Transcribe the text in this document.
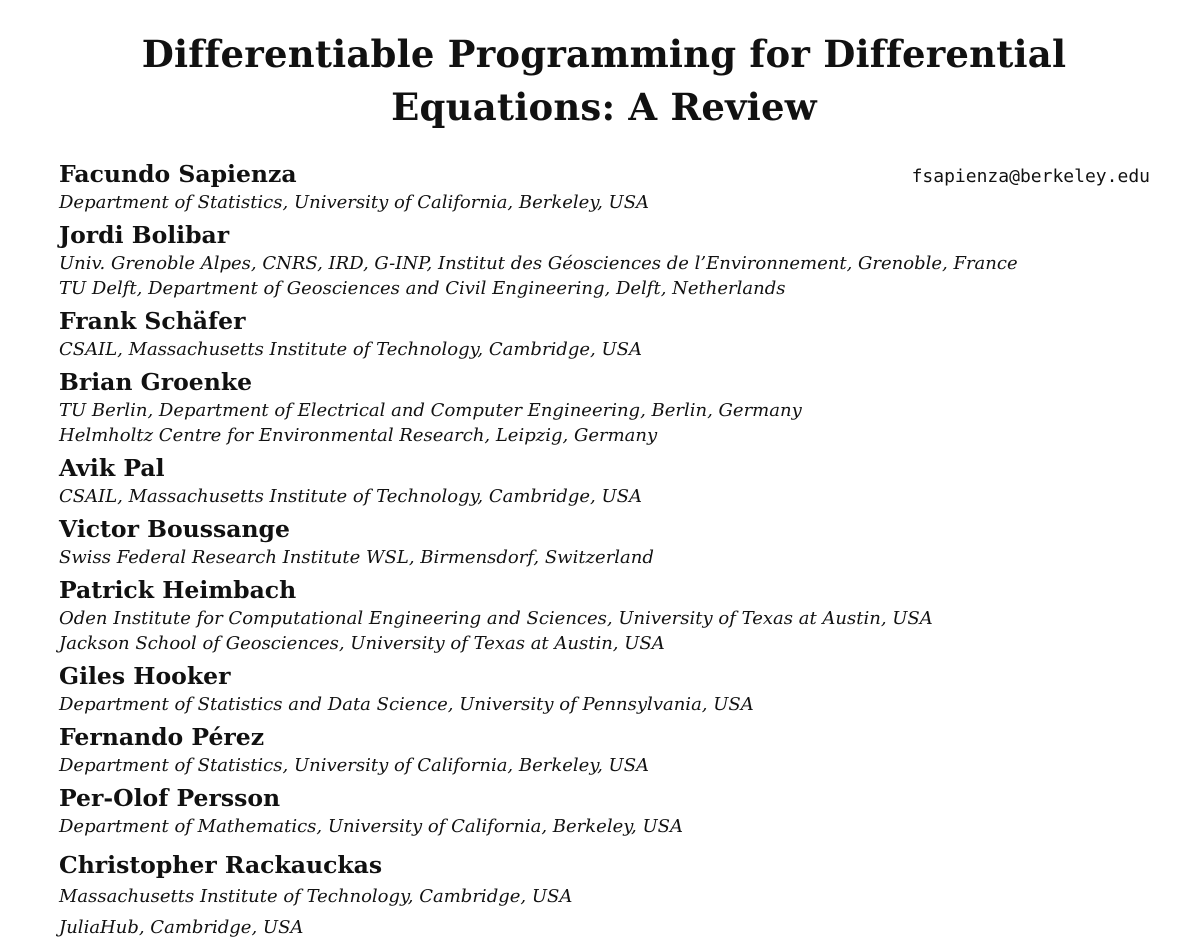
Differentiable Programming for Differential
Equations: A Review
Facundo Sapienza	fsapienza@berkeley.edu
Department of Statistics, University of California, Berkeley, USA
Jordi Bolibar
Univ. Grenoble Alpes, CNRS, IRD, G-INP, Institut des Géosciences de l’Environnement, Grenoble, France
TU Delft, Department of Geosciences and Civil Engineering, Delft, Netherlands
Frank Schäfer
CSAIL, Massachusetts Institute of Technology, Cambridge, USA
Brian Groenke
TU Berlin, Department of Electrical and Computer Engineering, Berlin, Germany
Helmholtz Centre for Environmental Research, Leipzig, Germany
Avik Pal
CSAIL, Massachusetts Institute of Technology, Cambridge, USA
Victor Boussange
Swiss Federal Research Institute WSL, Birmensdorf, Switzerland
Patrick Heimbach
Oden Institute for Computational Engineering and Sciences, University of Texas at Austin, USA
Jackson School of Geosciences, University of Texas at Austin, USA
Giles Hooker
Department of Statistics and Data Science, University of Pennsylvania, USA
Fernando Pérez
Department of Statistics, University of California, Berkeley, USA
Per-Olof Persson
Department of Mathematics, University of California, Berkeley, USA
Christopher Rackauckas
Massachusetts Institute of Technology, Cambridge, USA
JuliaHub, Cambridge, USA
